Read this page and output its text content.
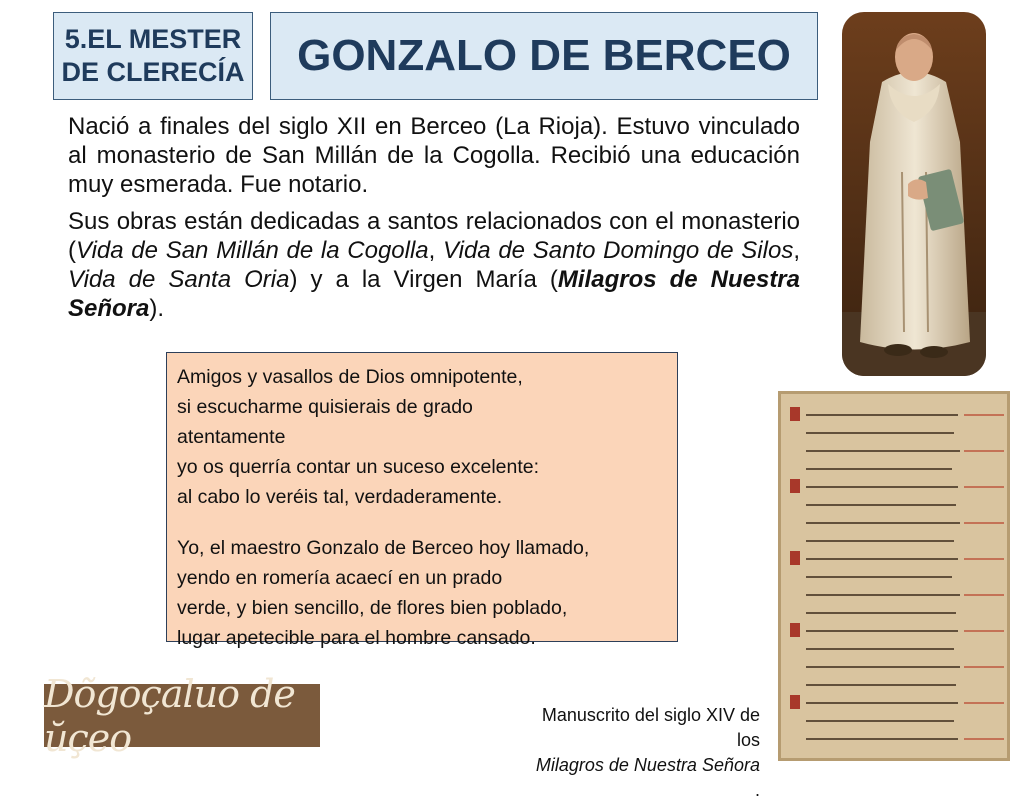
5.EL MESTER
DE CLERECÍA GONZALO DE BERCEO

Nació a finales del siglo XII en Berceo (La Rioja). Estuvo vinculado al monasterio de San Millán de la Cogolla. Recibió una educación muy esmerada. Fue notario.

Sus obras están dedicadas a santos relacionados con el monasterio (Vida de San Millán de la Cogolla, Vida de Santo Domingo de Silos, Vida de Santa Oria) y a la Virgen María (Milagros de Nuestra Señora).

Amigos y vasallos de Dios omnipotente,
si escucharme quisierais de grado
atentamente
yo os querría contar un suceso excelente:
al cabo lo veréis tal, verdaderamente.
Yo, el maestro Gonzalo de Berceo hoy llamado,
yendo en romería acaecí en un prado
verde, y bien sencillo, de flores bien poblado,
lugar apetecible para el hombre cansado.
Dõgoçaluo de ŭçeo
Manuscrito del siglo XIV de
los
Milagros de Nuestra Señora
.
